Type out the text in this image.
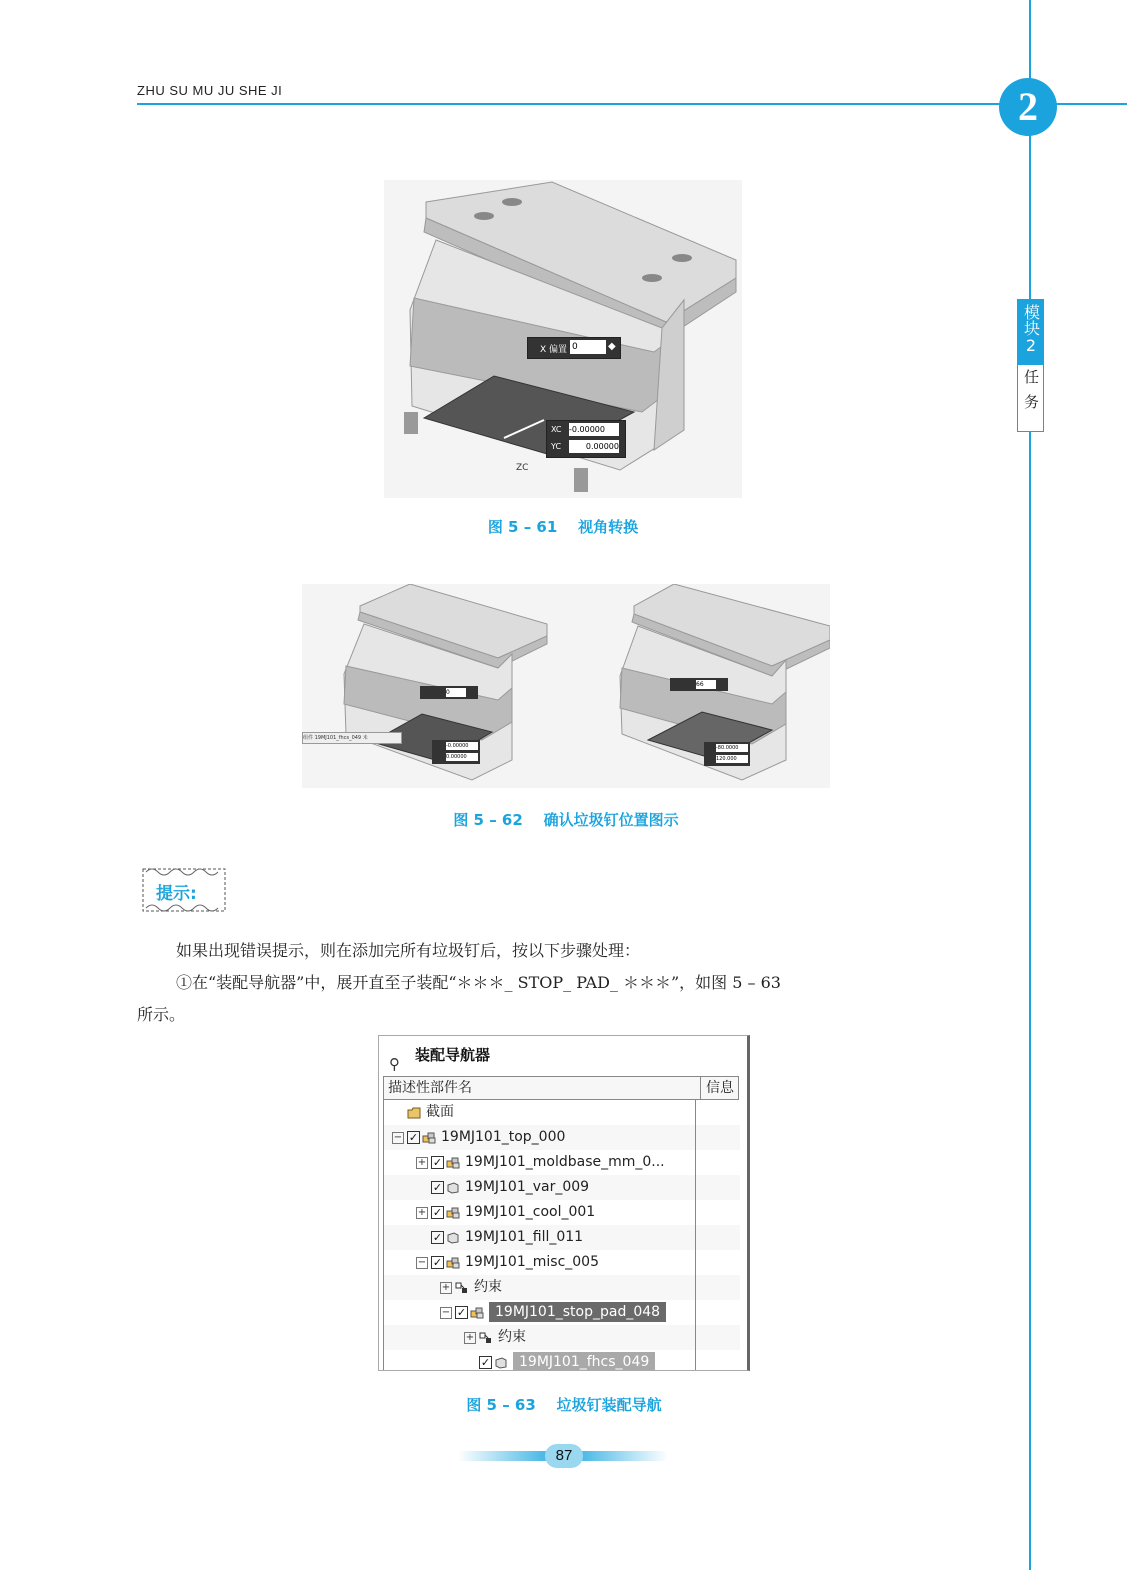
ZHU SU MU JU SHE JI	2
模块2
任务
ZC
X 偏置 0	◆
XC -0.00000
YC	0.00000
图 5 – 61    视角转换
0
组件 19MJ101_fhcs_049 未
-0.00000
0.00000
66
-80.0000
120.000
图 5 – 62    确认垃圾钉位置图示
提示:
如果出现错误提示，则在添加完所有垃圾钉后，按以下步骤处理：
①在“装配导航器”中，展开直至子装配“＊＊＊_ STOP_ PAD_ ＊＊＊”，如图 5 – 63
所示。
⚲ 装配导航器
描述性部件名	信息
截面
− ✓ 19MJ101_top_000
+ ✓ 19MJ101_moldbase_mm_0...
✓ 19MJ101_var_009
+ ✓ 19MJ101_cool_001
✓ 19MJ101_fill_011
− ✓ 19MJ101_misc_005
+ 约束
− ✓ 19MJ101_stop_pad_048
+ 约束
✓ 19MJ101_fhcs_049
图 5 – 63    垃圾钉装配导航
87
